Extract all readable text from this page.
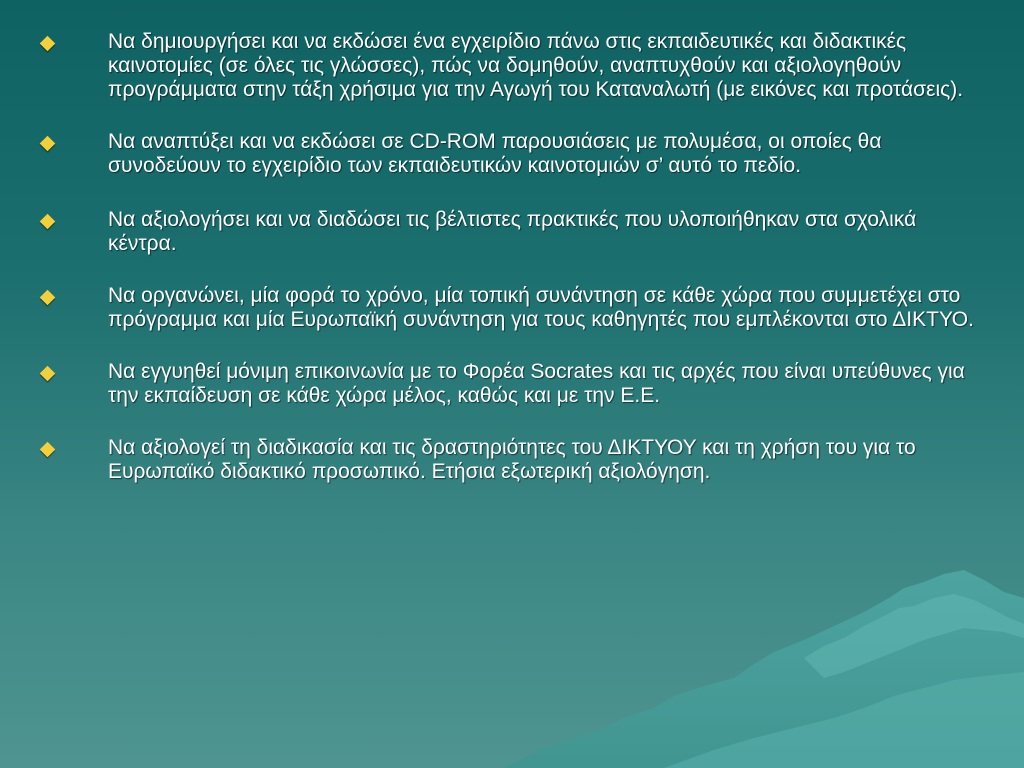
Να δημιουργήσει και να εκδώσει ένα εγχειρίδιο πάνω στις εκπαιδευτικές και διδακτικές καινοτομίες (σε όλες τις γλώσσες), πώς να δομηθούν, αναπτυχθούν και αξιολογηθούν προγράμματα στην τάξη χρήσιμα για την Αγωγή του Καταναλωτή (με εικόνες και προτάσεις).
Να αναπτύξει και να εκδώσει σε CD-ROM παρουσιάσεις με πολυμέσα, οι οποίες θα συνοδεύουν το εγχειρίδιο των εκπαιδευτικών καινοτομιών σ’ αυτό το πεδίο.
Να αξιολογήσει και να διαδώσει τις βέλτιστες πρακτικές που υλοποιήθηκαν στα σχολικά κέντρα.
Να οργανώνει, μία φορά το χρόνο, μία τοπική συνάντηση σε κάθε χώρα που συμμετέχει στο πρόγραμμα και μία Ευρωπαϊκή συνάντηση για τους καθηγητές που εμπλέκονται στο ΔΙΚΤΥΟ.
Να εγγυηθεί μόνιμη επικοινωνία με το Φορέα Socrates και τις αρχές που είναι υπεύθυνες για την εκπαίδευση σε κάθε χώρα μέλος, καθώς και με την Ε.Ε.
Να αξιολογεί τη διαδικασία και τις δραστηριότητες του ΔΙΚΤΥΟΥ και τη χρήση του για το Ευρωπαϊκό διδακτικό προσωπικό. Ετήσια εξωτερική αξιολόγηση.
